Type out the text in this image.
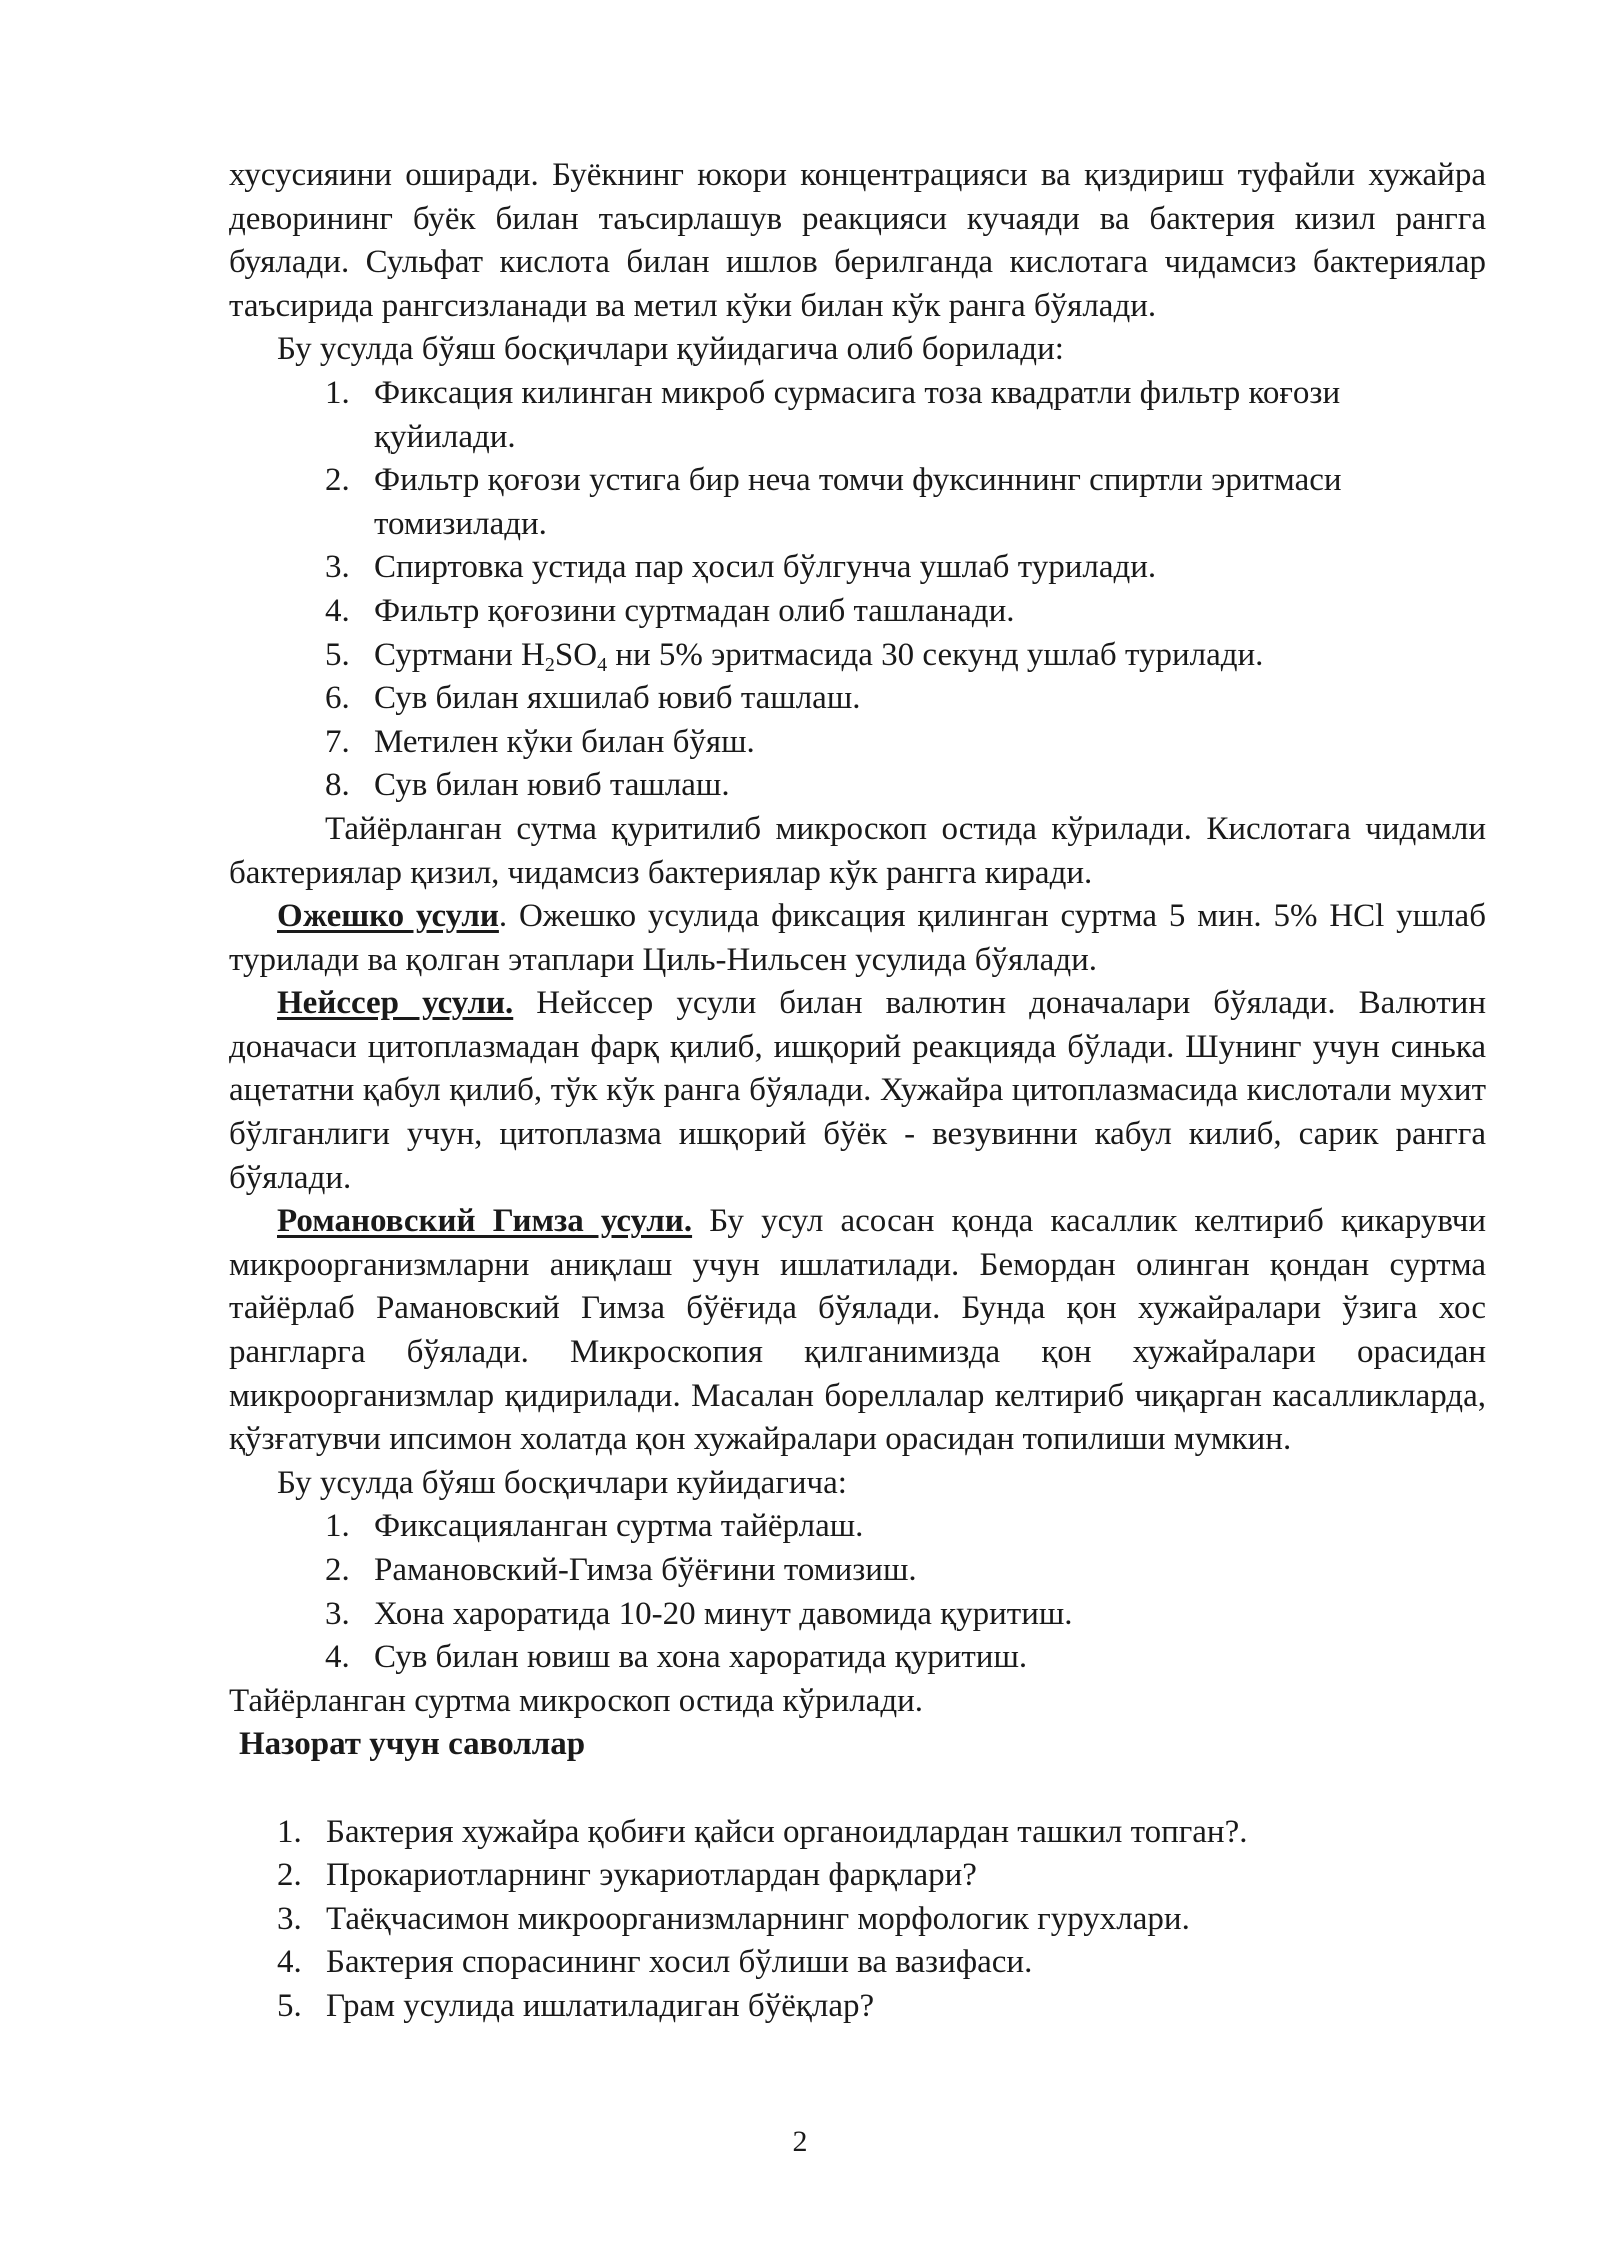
хусусияини оширади. Буёкнинг юкори концентрацияси ва қиздириш туфайли хужайра деворининг буёк билан таъсирлашув реакцияси кучаяди ва бактерия кизил рангга буялади. Сульфат кислота билан ишлов берилганда кислотага чидамсиз бактериялар таъсирида рангсизланади ва метил кўки билан кўк ранга бўялади.

Бу усулда бўяш босқичлари қуйидагича олиб борилади:

1. Фиксация килинган микроб сурмасига тоза квадратли фильтр коғози қуйилади.
2. Фильтр қоғози устига бир неча томчи фуксиннинг спиртли эритмаси томизилади.
3. Спиртовка устида пар ҳосил бўлгунча ушлаб турилади.
4. Фильтр қоғозини суртмадан олиб ташланади.
5. Суртмани $H_2SO_4$ ни 5% эритмасида 30 секунд ушлаб турилади.
6. Сув билан яхшилаб ювиб ташлаш.
7. Метилен кўки билан бўяш.
8. Сув билан ювиб ташлаш.

Тайёрланган сутма қуритилиб микроскоп остида кўрилади. Кислотага чидамли бактериялар қизил, чидамсиз бактериялар кўк рангга киради.

Ожешко усули. Ожешко усулида фиксация қилинган суртма 5 мин. 5% HCl ушлаб турилади ва қолган этаплари Циль-Нильсен усулида бўялади.

Нейссер усули. Нейссер усули билан валютин доначалари бўялади. Валютин доначаси цитоплазмадан фарқ қилиб, ишқорий реакцияда бўлади. Шунинг учун синька ацетатни қабул қилиб, тўк кўк ранга бўялади. Хужайра цитоплазмасида кислотали мухит бўлганлиги учун, цитоплазма ишқорий бўёк - везувинни кабул килиб, сарик рангга бўялади.

Романовский Гимза усули. Бу усул асосан қонда касаллик келтириб қикарувчи микроорганизмларни аниқлаш учун ишлатилади. Бемордан олинган қондан суртма тайёрлаб Рамановский Гимза бўёғида бўялади. Бунда қон хужайралари ўзига хос рангларга бўялади. Микроскопия қилганимизда қон хужайралари орасидан микроорганизмлар қидирилади. Масалан бореллалар келтириб чиқарган касалликларда, қўзғатувчи ипсимон холатда қон хужайралари орасидан топилиши мумкин.

Бу усулда бўяш босқичлари куйидагича:

1. Фиксацияланган суртма тайёрлаш.
2. Рамановский-Гимза бўёғини томизиш.
3. Хона хароратида 10-20 минут давомида қуритиш.
4. Сув билан ювиш ва хона хароратида қуритиш.

Тайёрланган суртма микроскоп остида кўрилади.

Назорат учун саволлар

1. Бактерия хужайра қобиғи қайси органоидлардан ташкил топган?.
2. Прокариотларнинг эукариотлардан фарқлари?
3. Таёқчасимон микроорганизмларнинг морфологик гурухлари.
4. Бактерия спорасининг хосил бўлиши ва вазифаси.
5. Грам усулида ишлатиладиган бўёқлар?
2
